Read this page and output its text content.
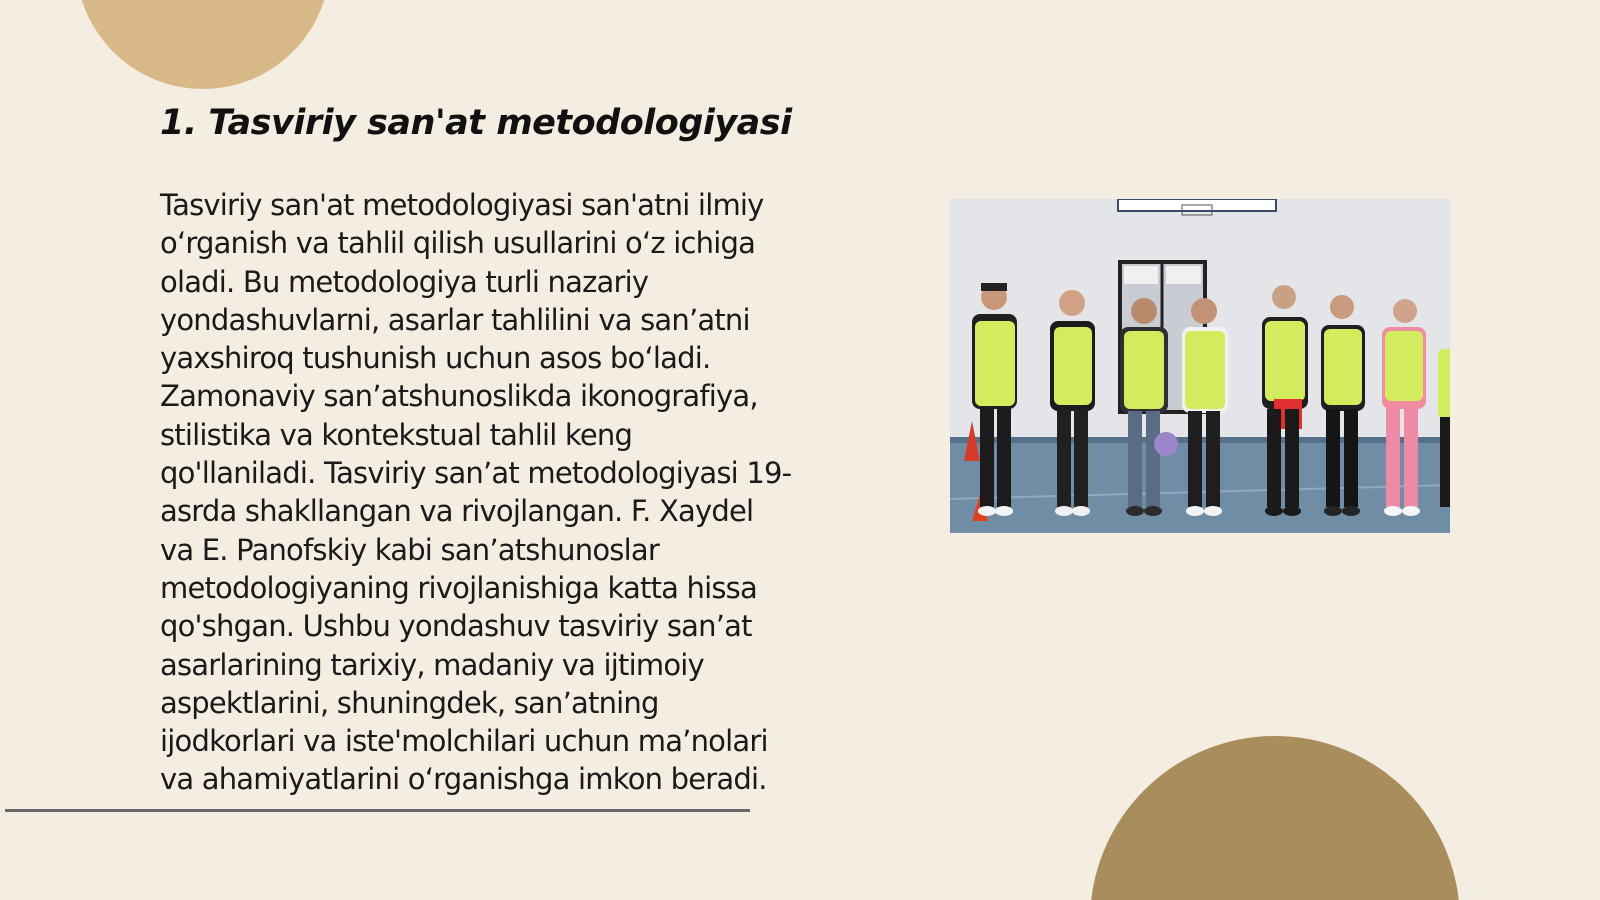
1. Tasviriy san'at metodologiyasi

Tasviriy san'at metodologiyasi san'atni ilmiy
o‘rganish va tahlil qilish usullarini o‘z ichiga
oladi. Bu metodologiya turli nazariy
yondashuvlarni, asarlar tahlilini va san’atni
yaxshiroq tushunish uchun asos bo‘ladi.
Zamonaviy san’atshunoslikda ikonografiya,
stilistika va kontekstual tahlil keng
qo'llaniladi. Tasviriy san’at metodologiyasi 19-
asrda shakllangan va rivojlangan. F. Xaydel
va E. Panofskiy kabi san’atshunoslar
metodologiyaning rivojlanishiga katta hissa
qo'shgan. Ushbu yondashuv tasviriy san’at
asarlarining tarixiy, madaniy va ijtimoiy
aspektlarini, shuningdek, san’atning
ijodkorlari va iste'molchilari uchun ma’nolari
va ahamiyatlarini o‘rganishga imkon beradi.
